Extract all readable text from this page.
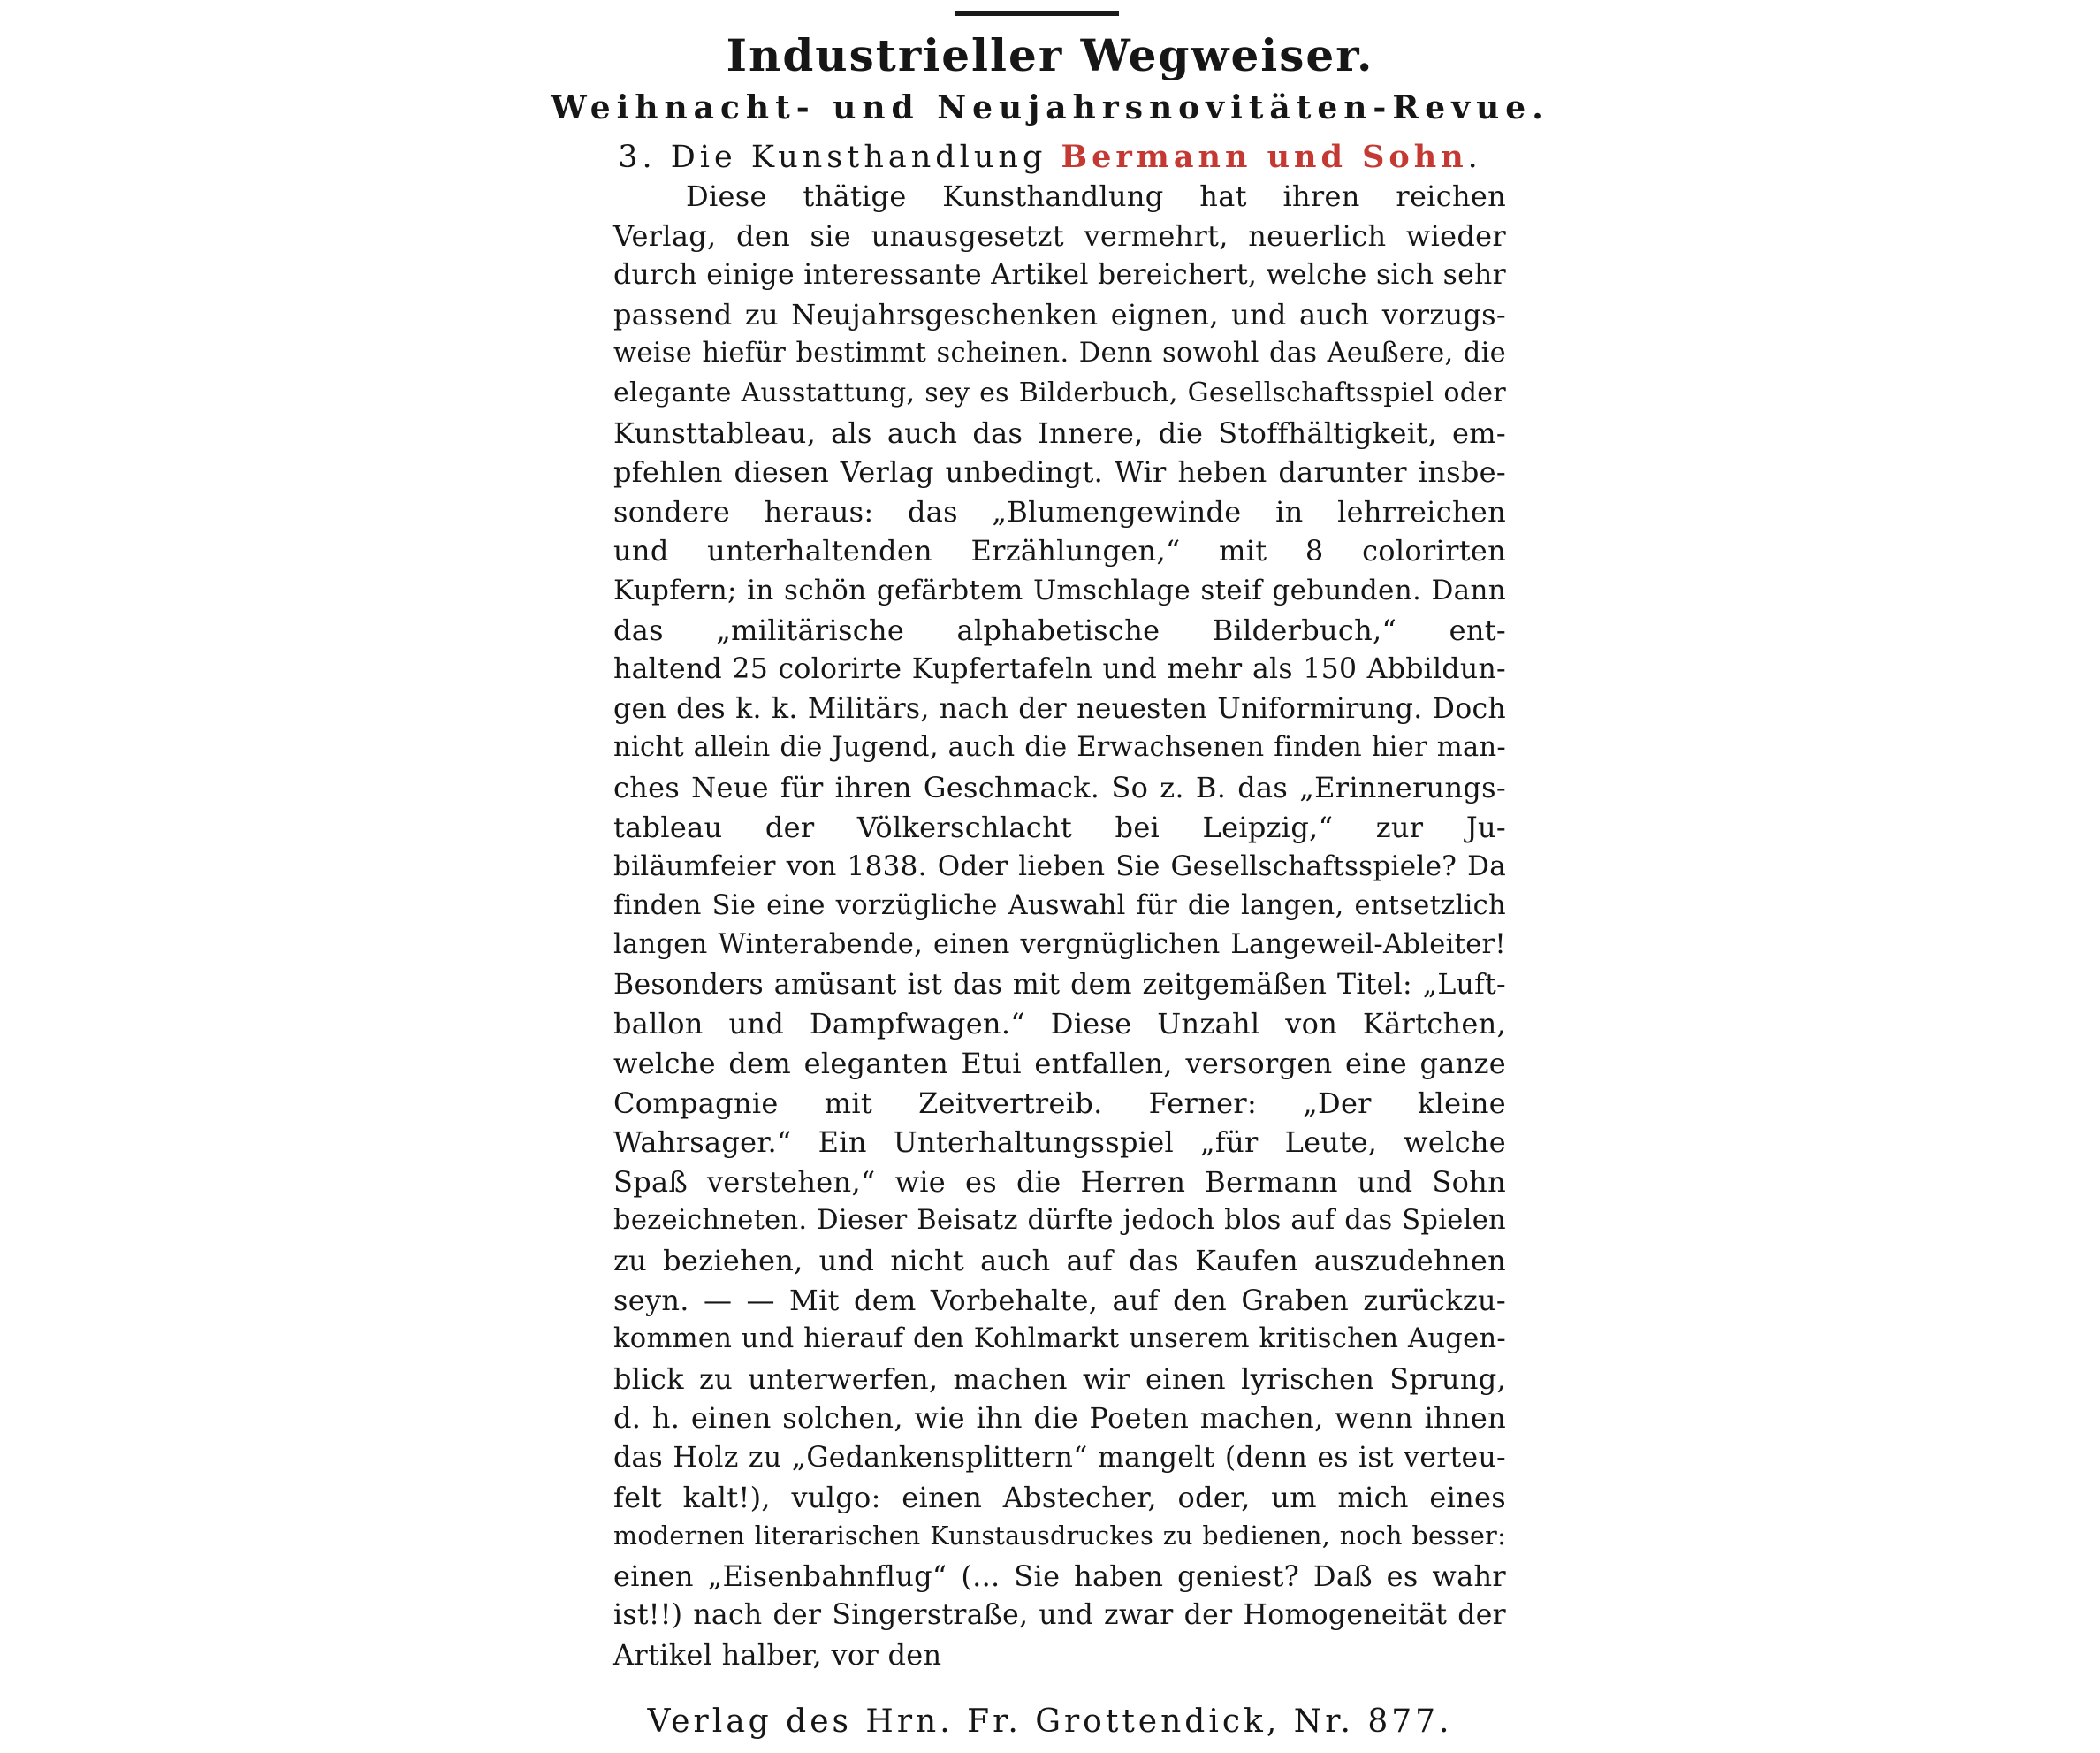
Industrieller Wegweiser.
Weihnacht- und Neujahrsnovitäten-Revue.
3. Die Kunsthandlung Bermann und Sohn.
Diese thätige Kunsthandlung hat ihren reichen
Verlag, den sie unausgesetzt vermehrt, neuerlich wieder
durch einige interessante Artikel bereichert, welche sich sehr
passend zu Neujahrsgeschenken eignen, und auch vorzugs-
weise hiefür bestimmt scheinen. Denn sowohl das Aeußere, die
elegante Ausstattung, sey es Bilderbuch, Gesellschaftsspiel oder
Kunsttableau, als auch das Innere, die Stoffhältigkeit, em-
pfehlen diesen Verlag unbedingt. Wir heben darunter insbe-
sondere heraus: das „Blumengewinde in lehrreichen
und unterhaltenden Erzählungen,“ mit 8 colorirten
Kupfern; in schön gefärbtem Umschlage steif gebunden. Dann
das „militärische alphabetische Bilderbuch,“ ent-
haltend 25 colorirte Kupfertafeln und mehr als 150 Abbildun-
gen des k. k. Militärs, nach der neuesten Uniformirung. Doch
nicht allein die Jugend, auch die Erwachsenen finden hier man-
ches Neue für ihren Geschmack. So z. B. das „Erinnerungs-
tableau der Völkerschlacht bei Leipzig,“ zur Ju-
biläumfeier von 1838. Oder lieben Sie Gesellschaftsspiele? Da
finden Sie eine vorzügliche Auswahl für die langen, entsetzlich
langen Winterabende, einen vergnüglichen Langeweil-Ableiter!
Besonders amüsant ist das mit dem zeitgemäßen Titel: „Luft-
ballon und Dampfwagen.“ Diese Unzahl von Kärtchen,
welche dem eleganten Etui entfallen, versorgen eine ganze
Compagnie mit Zeitvertreib. Ferner: „Der kleine
Wahrsager.“ Ein Unterhaltungsspiel „für Leute, welche
Spaß verstehen,“ wie es die Herren Bermann und Sohn
bezeichneten. Dieser Beisatz dürfte jedoch blos auf das Spielen
zu beziehen, und nicht auch auf das Kaufen auszudehnen
seyn. — — Mit dem Vorbehalte, auf den Graben zurückzu-
kommen und hierauf den Kohlmarkt unserem kritischen Augen-
blick zu unterwerfen, machen wir einen lyrischen Sprung,
d. h. einen solchen, wie ihn die Poeten machen, wenn ihnen
das Holz zu „Gedankensplittern“ mangelt (denn es ist verteu-
felt kalt!), vulgo: einen Abstecher, oder, um mich eines
modernen literarischen Kunstausdruckes zu bedienen, noch besser:
einen „Eisenbahnflug“ (... Sie haben geniest? Daß es wahr
ist!!) nach der Singerstraße, und zwar der Homogeneität der
Artikel halber, vor den
Verlag des Hrn. Fr. Grottendick, Nr. 877.
